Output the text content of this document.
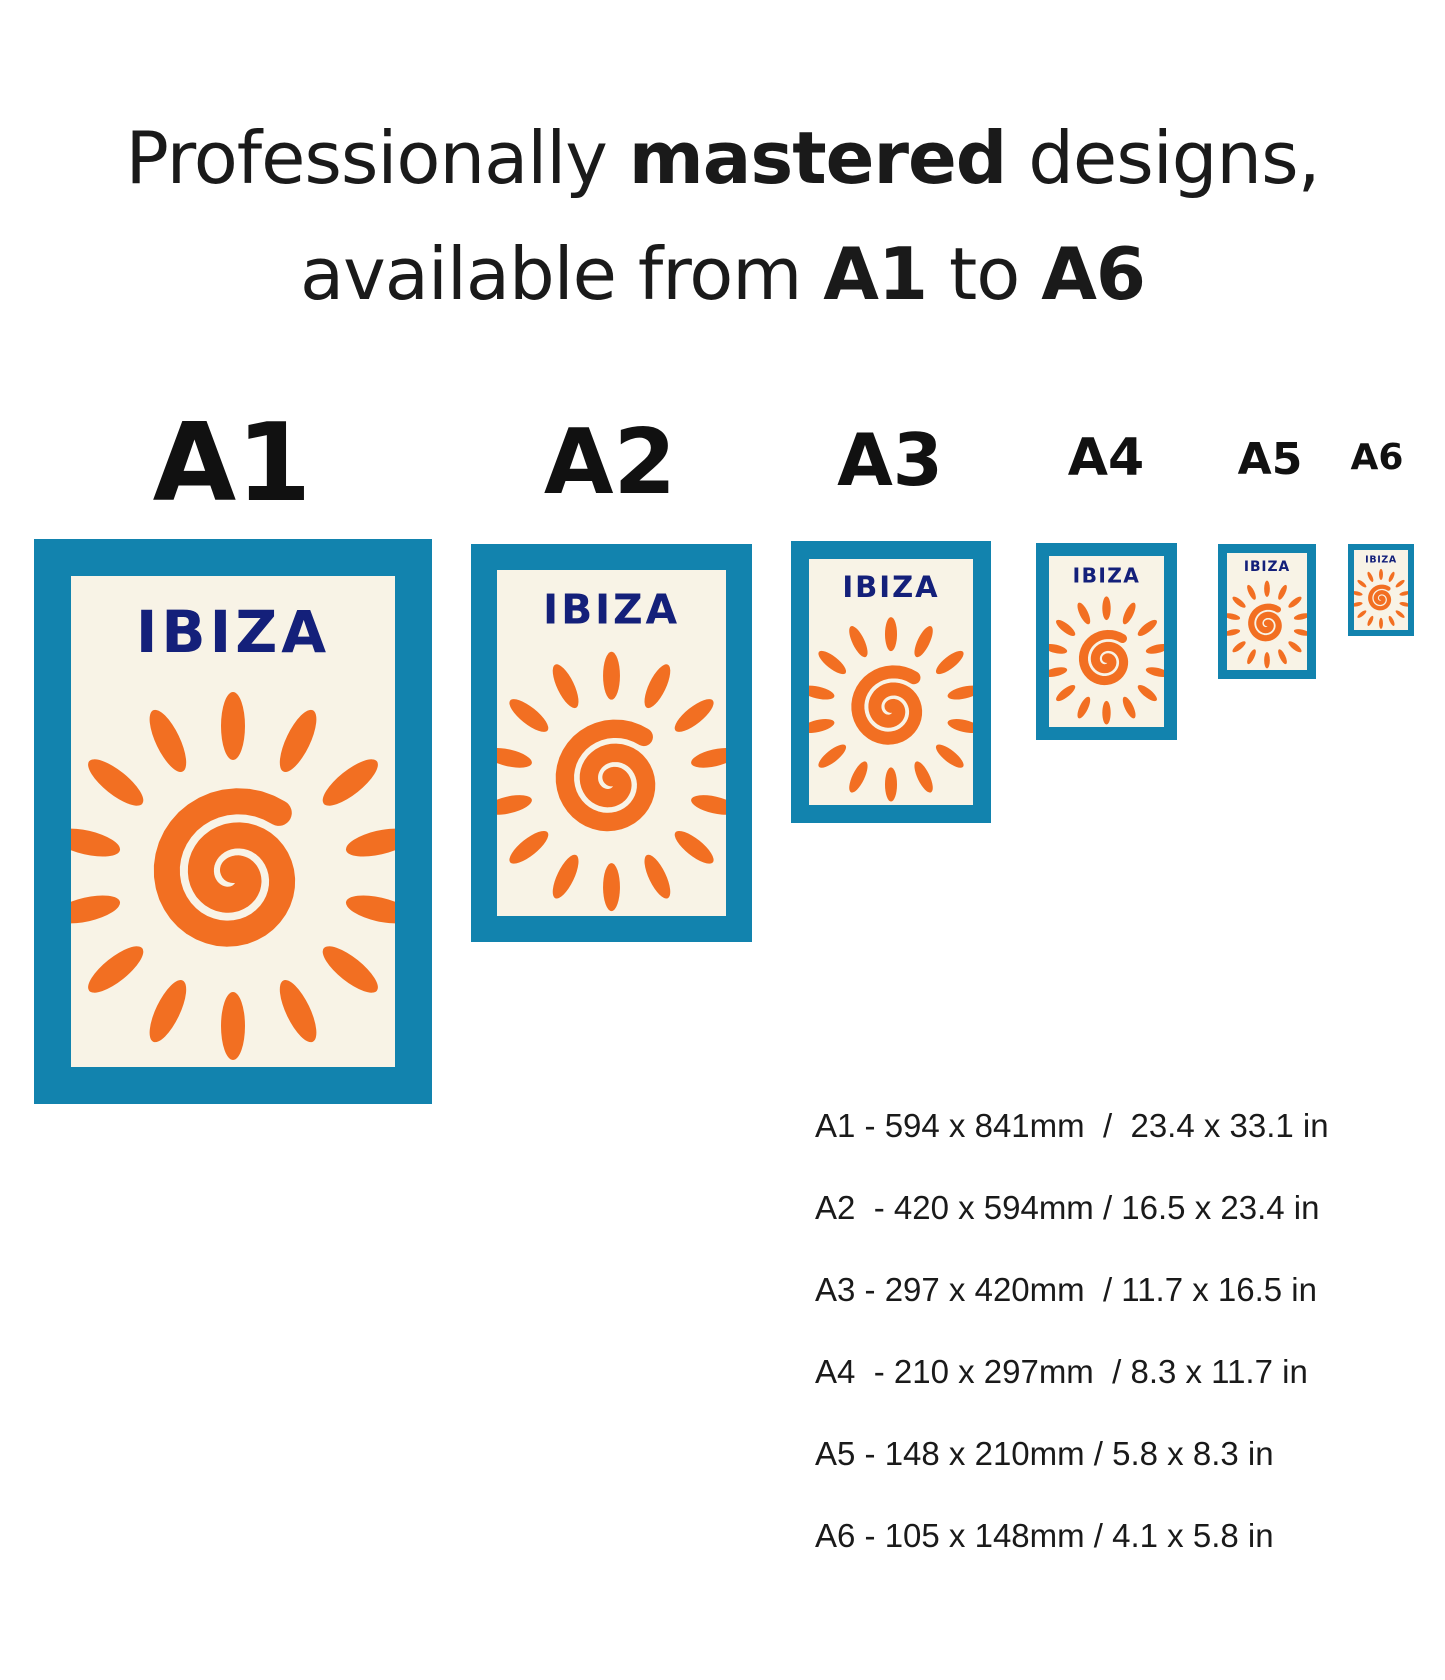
Professionally mastered designs,
available from A1 to A6
A1	A2 A3 A4 A5 A6
IBIZA	IBIZA	IBIZA IBIZA IBIZA IBIZA
A1 - 594 x 841mm  /  23.4 x 33.1 in
A2  - 420 x 594mm / 16.5 x 23.4 in
A3 - 297 x 420mm  / 11.7 x 16.5 in
A4  - 210 x 297mm  / 8.3 x 11.7 in
A5 - 148 x 210mm / 5.8 x 8.3 in
A6 - 105 x 148mm / 4.1 x 5.8 in
